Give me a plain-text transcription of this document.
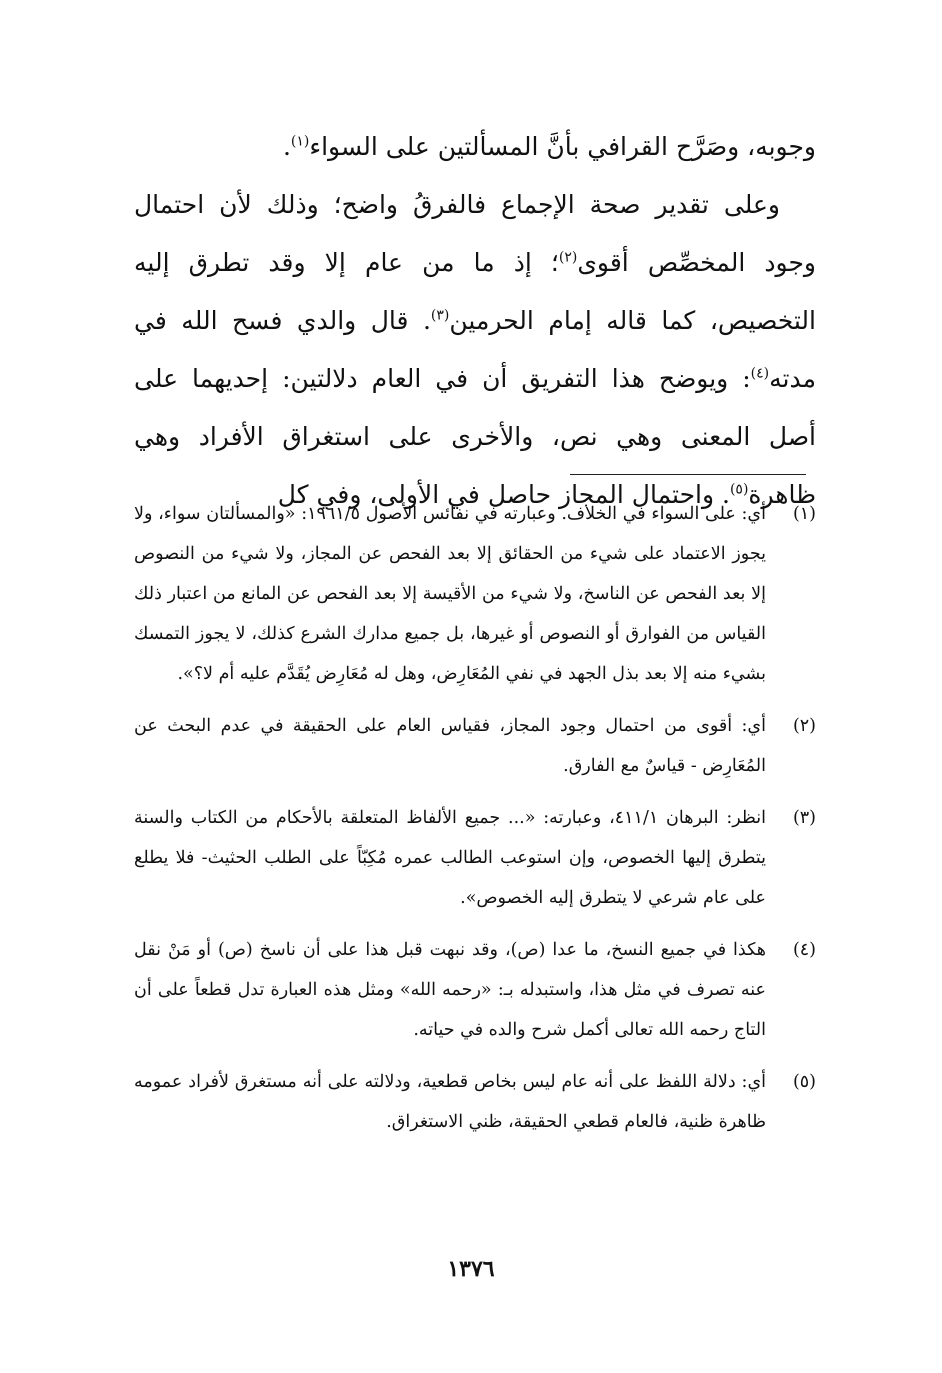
وجوبه، وصَرَّح القرافي بأنَّ المسألتين على السواء$^{(١)}$.

وعلى تقدير صحة الإجماع فالفرقُ واضح؛ وذلك لأن احتمال وجود المخصِّص أقوى$^{(٢)}$؛ إذ ما من عام إلا وقد تطرق إليه التخصيص، كما قاله إمام الحرمين$^{(٣)}$. قال والدي فسح الله في مدته$^{(٤)}$: ويوضح هذا التفريق أن في العام دلالتين: إحديهما على أصل المعنى وهي نص، والأخرى على استغراق الأفراد وهي ظاهرة$^{(٥)}$. واحتمال المجاز حاصل في الأولى، وفي كل

(١)
أي: على السواء في الخلاف. وعبارته في نفائس الأصول ١٩٦١/٥: «والمسألتان سواء، ولا يجوز الاعتماد على شيء من الحقائق إلا بعد الفحص عن المجاز، ولا شيء من النصوص إلا بعد الفحص عن الناسخ، ولا شيء من الأقيسة إلا بعد الفحص عن المانع من اعتبار ذلك القياس من الفوارق أو النصوص أو غيرها، بل جميع مدارك الشرع كذلك، لا يجوز التمسك بشيء منه إلا بعد بذل الجهد في نفي المُعَارِض، وهل له مُعَارِض يُقَدَّم عليه أم لا؟».
(٢)
أي: أقوى من احتمال وجود المجاز، فقياس العام على الحقيقة في عدم البحث عن المُعَارِض - قياسٌ مع الفارق.
(٣)
انظر: البرهان ٤١١/١، وعبارته: «... جميع الألفاظ المتعلقة بالأحكام من الكتاب والسنة يتطرق إليها الخصوص، وإن استوعب الطالب عمره مُكِبّاً على الطلب الحثيث- فلا يطلع على عام شرعي لا يتطرق إليه الخصوص».
(٤)
هكذا في جميع النسخ، ما عدا (ص)، وقد نبهت قبل هذا على أن ناسخ (ص) أو مَنْ نقل عنه تصرف في مثل هذا، واستبدله بـ: «رحمه الله» ومثل هذه العبارة تدل قطعاً على أن التاج رحمه الله تعالى أكمل شرح والده في حياته.
(٥)
أي: دلالة اللفظ على أنه عام ليس بخاص قطعية، ودلالته على أنه مستغرق لأفراد عمومه ظاهرة ظنية، فالعام قطعي الحقيقة، ظني الاستغراق.
١٣٧٦
